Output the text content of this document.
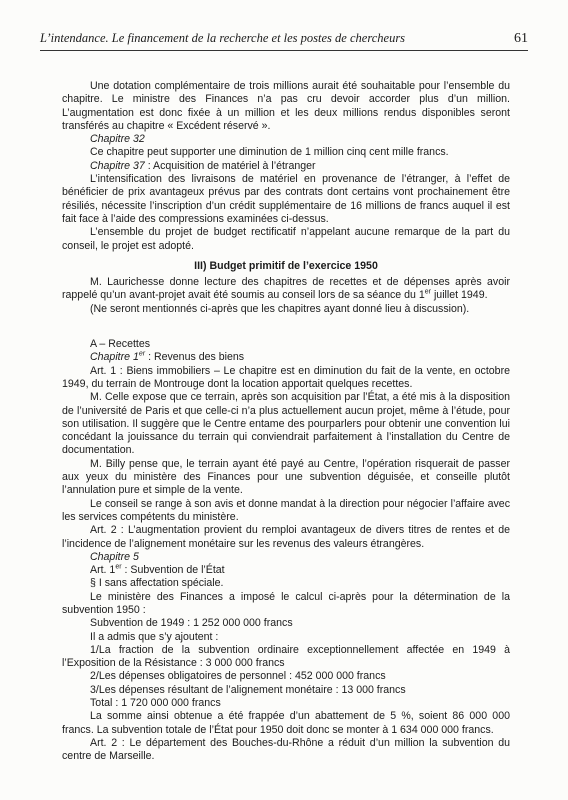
L’intendance. Le financement de la recherche et les postes de chercheurs	61

Une dotation complémentaire de trois millions aurait été souhaitable pour l’ensemble du chapitre. Le ministre des Finances n’a pas cru devoir accorder plus d’un million. L’augmentation est donc fixée à un million et les deux millions rendus disponibles seront transférés au chapitre « Excédent réservé ».

Chapitre 32

Ce chapitre peut supporter une diminution de 1 million cinq cent mille francs.

Chapitre 37 : Acquisition de matériel à l’étranger

L’intensification des livraisons de matériel en provenance de l’étranger, à l’effet de bénéficier de prix avantageux prévus par des contrats dont certains vont prochainement être résiliés, nécessite l’inscription d’un crédit supplémentaire de 16 millions de francs auquel il est fait face à l’aide des compressions examinées ci-dessus.

L’ensemble du projet de budget rectificatif n’appelant aucune remarque de la part du conseil, le projet est adopté.

III) Budget primitif de l’exercice 1950

M. Laurichesse donne lecture des chapitres de recettes et de dépenses après avoir rappelé qu’un avant-projet avait été soumis au conseil lors de sa séance du 1er juillet 1949.

(Ne seront mentionnés ci-après que les chapitres ayant donné lieu à discussion).

A – Recettes

Chapitre 1er : Revenus des biens

Art. 1 : Biens immobiliers – Le chapitre est en diminution du fait de la vente, en octobre 1949, du terrain de Montrouge dont la location apportait quelques recettes.

M. Celle expose que ce terrain, après son acquisition par l’État, a été mis à la disposition de l’université de Paris et que celle-ci n’a plus actuellement aucun projet, même à l’étude, pour son utilisation. Il suggère que le Centre entame des pourparlers pour obtenir une convention lui concédant la jouissance du terrain qui conviendrait parfaitement à l’installation du Centre de documentation.

M. Billy pense que, le terrain ayant été payé au Centre, l’opération risquerait de passer aux yeux du ministère des Finances pour une subvention déguisée, et conseille plutôt l’annulation pure et simple de la vente.

Le conseil se range à son avis et donne mandat à la direction pour négocier l’affaire avec les services compétents du ministère.

Art. 2 : L’augmentation provient du remploi avantageux de divers titres de rentes et de l’incidence de l’alignement monétaire sur les revenus des valeurs étrangères.

Chapitre 5

Art. 1er : Subvention de l’État

§ I sans affectation spéciale.

Le ministère des Finances a imposé le calcul ci-après pour la détermination de la subvention 1950 :

Subvention de 1949 : 1 252 000 000 francs

Il a admis que s’y ajoutent :

1/La fraction de la subvention ordinaire exceptionnellement affectée en 1949 à l’Exposition de la Résistance : 3 000 000 francs

2/Les dépenses obligatoires de personnel : 452 000 000 francs

3/Les dépenses résultant de l’alignement monétaire : 13 000 francs

Total : 1 720 000 000 francs

La somme ainsi obtenue a été frappée d’un abattement de 5 %, soient 86 000 000 francs. La subvention totale de l’État pour 1950 doit donc se monter à 1 634 000 000 francs.

Art. 2 : Le département des Bouches-du-Rhône a réduit d’un million la subvention du centre de Marseille.
